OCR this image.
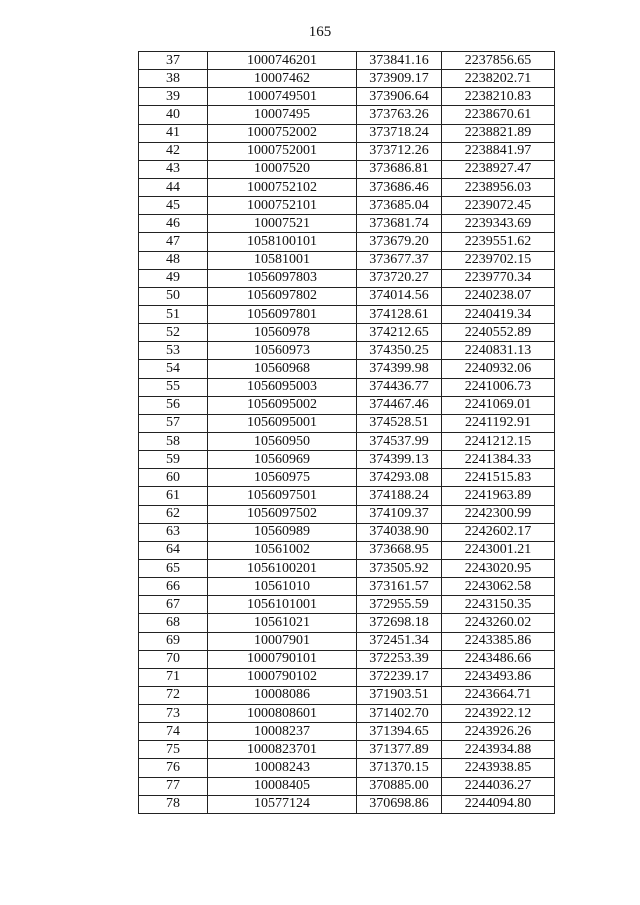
165
37	1000746201	373841.16	2237856.65
38	10007462	373909.17	2238202.71
39	1000749501	373906.64	2238210.83
40	10007495	373763.26	2238670.61
41	1000752002	373718.24	2238821.89
42	1000752001	373712.26	2238841.97
43	10007520	373686.81	2238927.47
44	1000752102	373686.46	2238956.03
45	1000752101	373685.04	2239072.45
46	10007521	373681.74	2239343.69
47	1058100101	373679.20	2239551.62
48	10581001	373677.37	2239702.15
49	1056097803	373720.27	2239770.34
50	1056097802	374014.56	2240238.07
51	1056097801	374128.61	2240419.34
52	10560978	374212.65	2240552.89
53	10560973	374350.25	2240831.13
54	10560968	374399.98	2240932.06
55	1056095003	374436.77	2241006.73
56	1056095002	374467.46	2241069.01
57	1056095001	374528.51	2241192.91
58	10560950	374537.99	2241212.15
59	10560969	374399.13	2241384.33
60	10560975	374293.08	2241515.83
61	1056097501	374188.24	2241963.89
62	1056097502	374109.37	2242300.99
63	10560989	374038.90	2242602.17
64	10561002	373668.95	2243001.21
65	1056100201	373505.92	2243020.95
66	10561010	373161.57	2243062.58
67	1056101001	372955.59	2243150.35
68	10561021	372698.18	2243260.02
69	10007901	372451.34	2243385.86
70	1000790101	372253.39	2243486.66
71	1000790102	372239.17	2243493.86
72	10008086	371903.51	2243664.71
73	1000808601	371402.70	2243922.12
74	10008237	371394.65	2243926.26
75	1000823701	371377.89	2243934.88
76	10008243	371370.15	2243938.85
77	10008405	370885.00	2244036.27
78	10577124	370698.86	2244094.80
